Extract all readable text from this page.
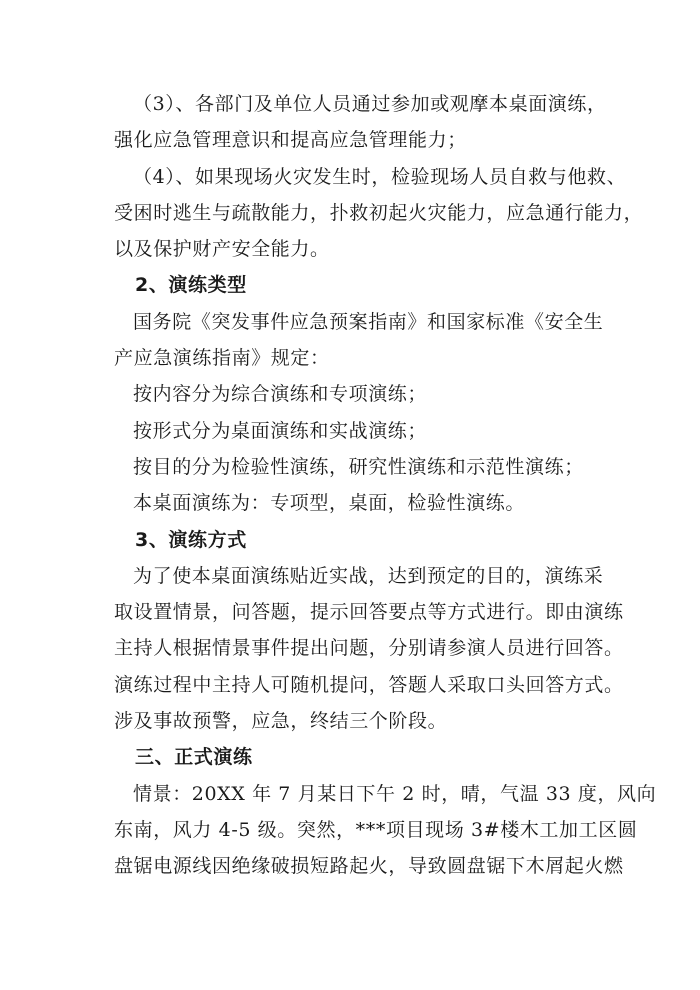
（3）、各部门及单位人员通过参加或观摩本桌面演练，
强化应急管理意识和提高应急管理能力；
（4）、如果现场火灾发生时，检验现场人员自救与他救、
受困时逃生与疏散能力，扑救初起火灾能力，应急通行能力，
以及保护财产安全能力。
2、演练类型
国务院《突发事件应急预案指南》和国家标准《安全生
产应急演练指南》规定：
按内容分为综合演练和专项演练；
按形式分为桌面演练和实战演练；
按目的分为检验性演练，研究性演练和示范性演练；
本桌面演练为：专项型，桌面，检验性演练。
3、演练方式
为了使本桌面演练贴近实战，达到预定的目的，演练采
取设置情景，问答题，提示回答要点等方式进行。即由演练
主持人根据情景事件提出问题，分别请参演人员进行回答。
演练过程中主持人可随机提问，答题人采取口头回答方式。
涉及事故预警，应急，终结三个阶段。
三、正式演练
情景：20XX 年 7 月某日下午 2 时，晴，气温 33 度，风向
东南，风力 4-5 级。突然，***项目现场 3#楼木工加工区圆
盘锯电源线因绝缘破损短路起火，导致圆盘锯下木屑起火燃
